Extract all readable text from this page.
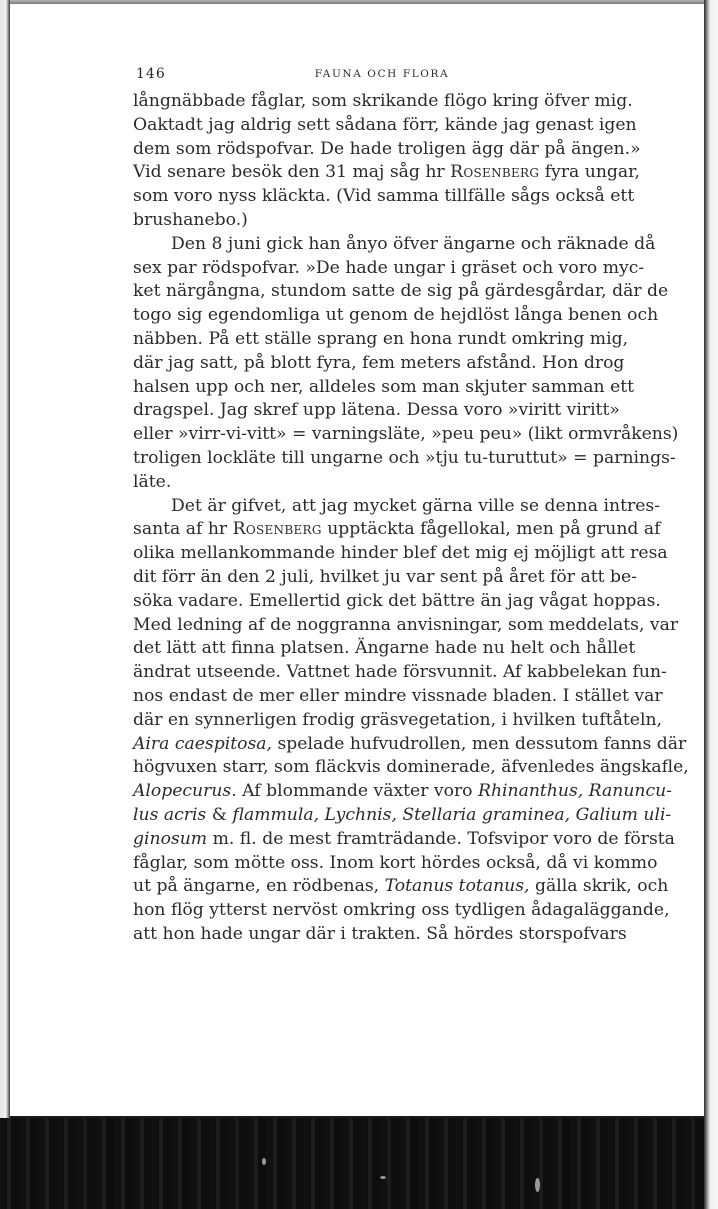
146	FAUNA OCH FLORA
långnäbbade fåglar, som skrikande flögo kring öfver mig.
Oaktadt jag aldrig sett sådana förr, kände jag genast igen
dem som rödspofvar. De hade troligen ägg där på ängen.»
Vid senare besök den 31 maj såg hr Rosenberg fyra ungar,
som voro nyss kläckta. (Vid samma tillfälle sågs också ett
brushanebo.)
Den 8 juni gick han ånyo öfver ängarne och räknade då
sex par rödspofvar. »De hade ungar i gräset och voro myc-
ket närgångna, stundom satte de sig på gärdesgårdar, där de
togo sig egendomliga ut genom de hejdlöst långa benen och
näbben. På ett ställe sprang en hona rundt omkring mig,
där jag satt, på blott fyra, fem meters afstånd. Hon drog
halsen upp och ner, alldeles som man skjuter samman ett
dragspel. Jag skref upp lätena. Dessa voro »viritt viritt»
eller »virr-vi-vitt» = varningsläte, »peu peu» (likt ormvråkens)
troligen lockläte till ungarne och »tju tu-turuttut» = parnings-
läte.
Det är gifvet, att jag mycket gärna ville se denna intres-
santa af hr Rosenberg upptäckta fågellokal, men på grund af
olika mellankommande hinder blef det mig ej möjligt att resa
dit förr än den 2 juli, hvilket ju var sent på året för att be-
söka vadare. Emellertid gick det bättre än jag vågat hoppas.
Med ledning af de noggranna anvisningar, som meddelats, var
det lätt att finna platsen. Ängarne hade nu helt och hållet
ändrat utseende. Vattnet hade försvunnit. Af kabbelekan fun-
nos endast de mer eller mindre vissnade bladen. I stället var
där en synnerligen frodig gräsvegetation, i hvilken tuftåteln,
Aira caespitosa, spelade hufvudrollen, men dessutom fanns där
högvuxen starr, som fläckvis dominerade, äfvenledes ängskafle,
Alopecurus. Af blommande växter voro Rhinanthus, Ranuncu-
lus acris & flammula, Lychnis, Stellaria graminea, Galium uli-
ginosum m. fl. de mest framträdande. Tofsvipor voro de första
fåglar, som mötte oss. Inom kort hördes också, då vi kommo
ut på ängarne, en rödbenas, Totanus totanus, gälla skrik, och
hon flög ytterst nervöst omkring oss tydligen ådagaläggande,
att hon hade ungar där i trakten. Så hördes storspofvars
